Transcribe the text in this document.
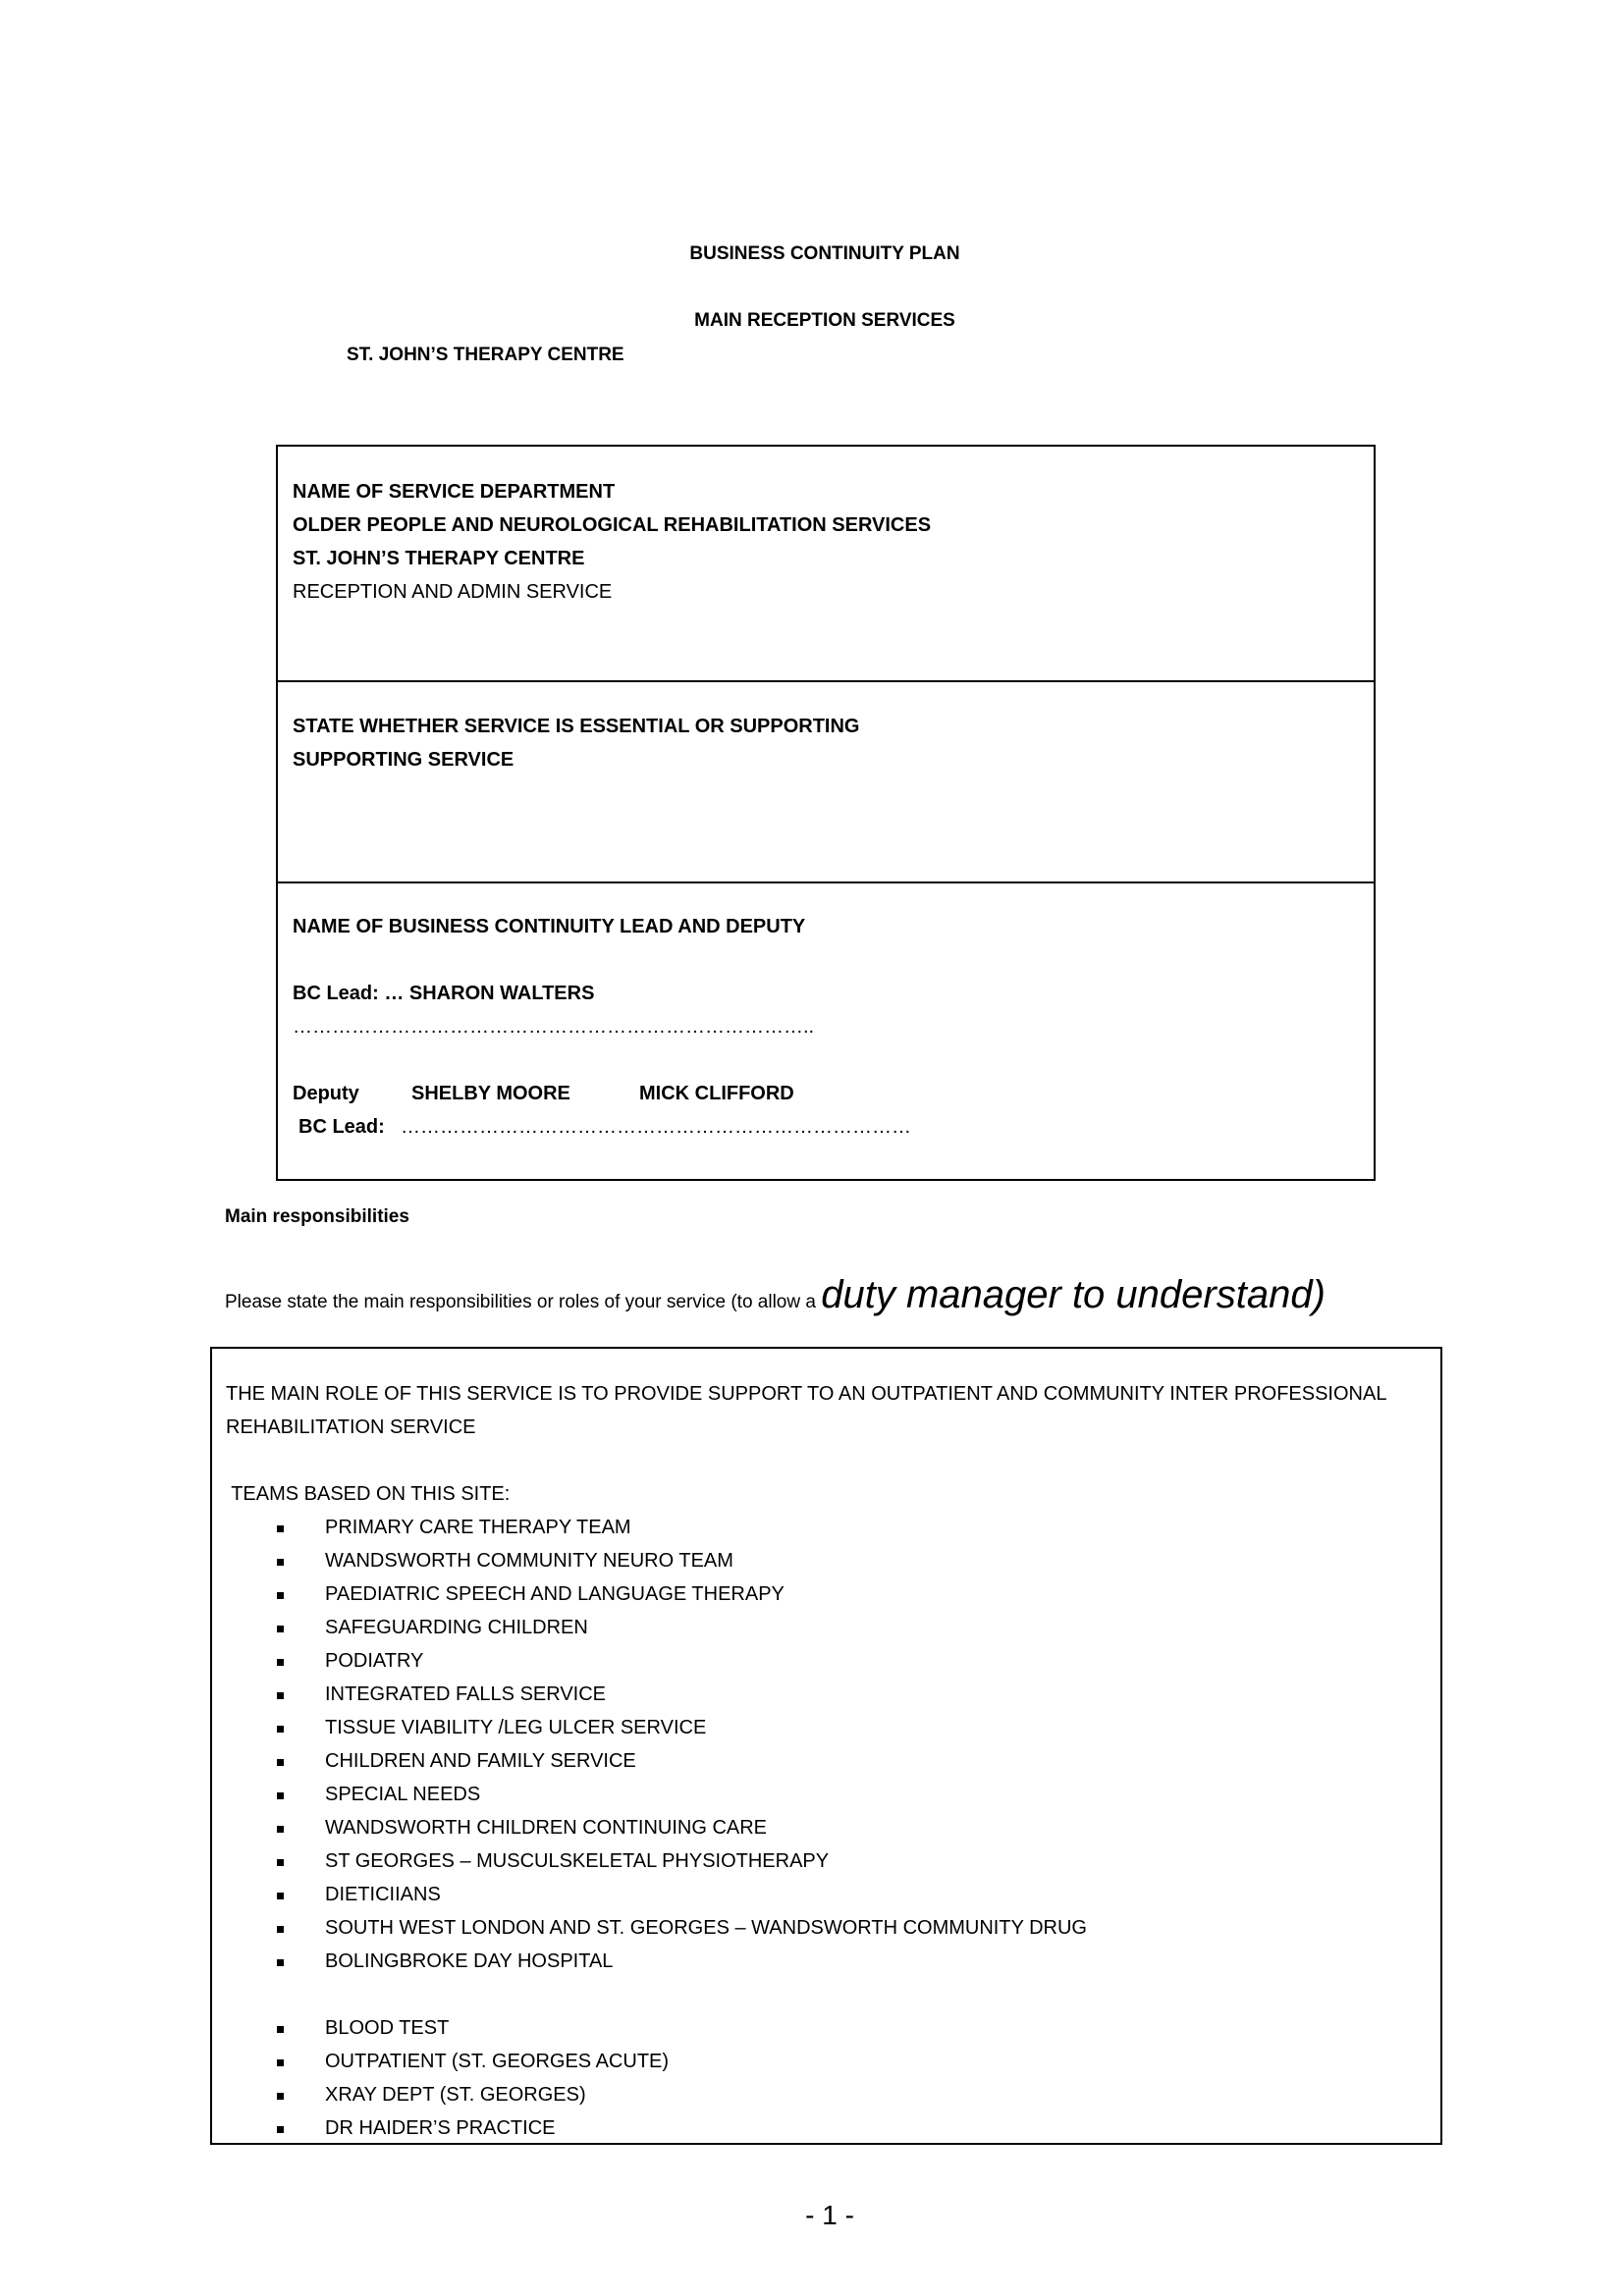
BUSINESS CONTINUITY PLAN
MAIN RECEPTION SERVICES
ST. JOHN’S THERAPY CENTRE
NAME OF SERVICE DEPARTMENT
OLDER PEOPLE AND NEUROLOGICAL REHABILITATION SERVICES
ST. JOHN’S THERAPY CENTRE
RECEPTION AND ADMIN SERVICE
STATE WHETHER SERVICE IS ESSENTIAL OR SUPPORTING
SUPPORTING SERVICE
NAME OF BUSINESS CONTINUITY LEAD AND DEPUTY
BC Lead: … SHARON WALTERS
……………………………………………………………………..
Deputy	SHELBY MOORE	MICK CLIFFORD
BC Lead: ……………………………………………………………………
Main responsibilities
Please state the main responsibilities or roles of your service (to allow a duty manager to understand)
THE MAIN ROLE OF THIS SERVICE IS TO PROVIDE SUPPORT TO AN OUTPATIENT AND COMMUNITY INTER PROFESSIONAL
REHABILITATION SERVICE
TEAMS BASED ON THIS SITE:
PRIMARY CARE THERAPY TEAM
WANDSWORTH COMMUNITY NEURO TEAM
PAEDIATRIC SPEECH AND LANGUAGE THERAPY
SAFEGUARDING CHILDREN
PODIATRY
INTEGRATED FALLS SERVICE
TISSUE VIABILITY /LEG ULCER SERVICE
CHILDREN AND FAMILY SERVICE
SPECIAL NEEDS
WANDSWORTH CHILDREN CONTINUING CARE
ST GEORGES – MUSCULSKELETAL PHYSIOTHERAPY
DIETICIIANS
SOUTH WEST LONDON AND ST. GEORGES – WANDSWORTH COMMUNITY DRUG
BOLINGBROKE DAY HOSPITAL
BLOOD TEST
OUTPATIENT (ST. GEORGES ACUTE)
XRAY DEPT (ST. GEORGES)
DR HAIDER’S PRACTICE
- 1 -
